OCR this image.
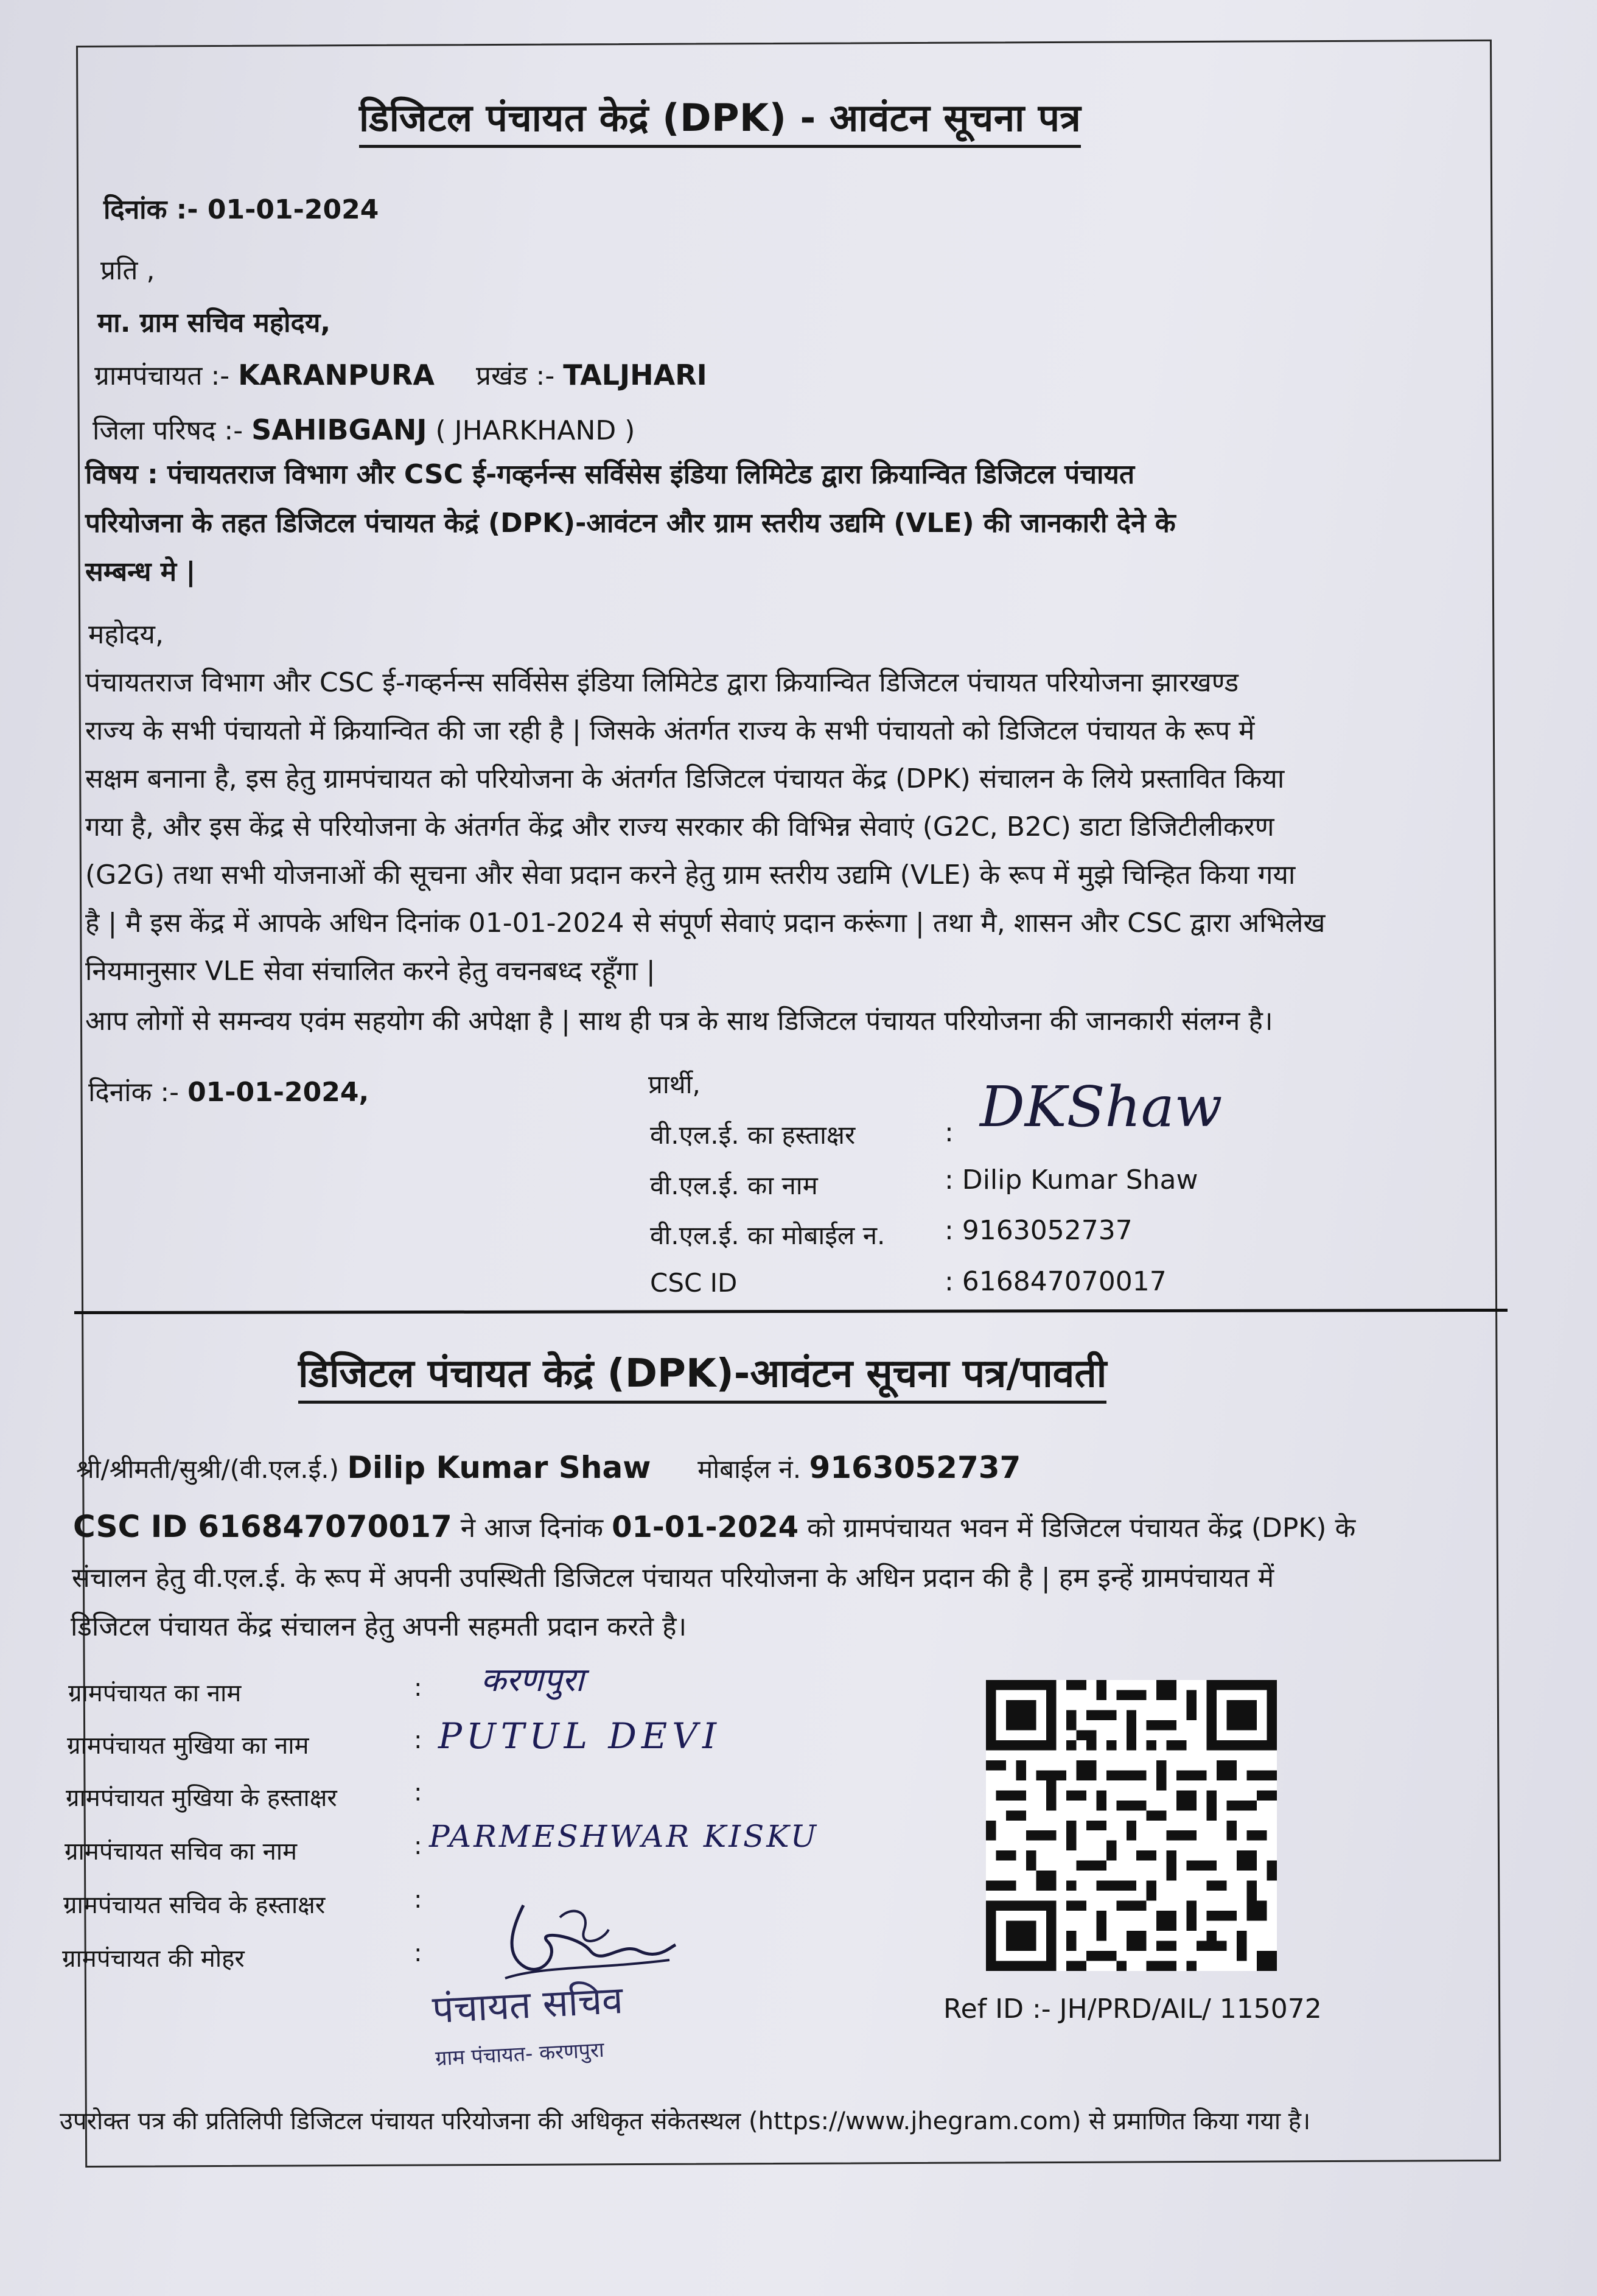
डिजिटल पंचायत केद्रं (DPK) - आवंटन सूचना पत्र
दिनांक :- 01-01-2024
प्रति ,
मा. ग्राम सचिव महोदय,
ग्रामपंचायत :- KARANPURA प्रखंड :- TALJHARI
जिला परिषद :- SAHIBGANJ ( JHARKHAND )

विषय : पंचायतराज विभाग और CSC ई-गव्हर्नन्स सर्विसेस इंडिया लिमिटेड द्वारा क्रियान्वित डिजिटल पंचायत

परियोजना के तहत डिजिटल पंचायत केद्रं (DPK)-आवंटन और ग्राम स्तरीय उद्यमि (VLE) की जानकारी देने के

सम्बन्ध मे |

महोदय,

पंचायतराज विभाग और CSC ई-गव्हर्नन्स सर्विसेस इंडिया लिमिटेड द्वारा क्रियान्वित डिजिटल पंचायत परियोजना झारखण्ड

राज्य के सभी पंचायतो में क्रियान्वित की जा रही है | जिसके अंतर्गत राज्य के सभी पंचायतो को डिजिटल पंचायत के रूप में

सक्षम बनाना है, इस हेतु ग्रामपंचायत को परियोजना के अंतर्गत डिजिटल पंचायत केंद्र (DPK) संचालन के लिये प्रस्तावित किया

गया है, और इस केंद्र से परियोजना के अंतर्गत केंद्र और राज्य सरकार की विभिन्न सेवाएं (G2C, B2C) डाटा डिजिटीलीकरण

(G2G) तथा सभी योजनाओं की सूचना और सेवा प्रदान करने हेतु ग्राम स्तरीय उद्यमि (VLE) के रूप में मुझे चिन्हित किया गया

है | मै इस केंद्र में आपके अधिन दिनांक 01-01-2024 से संपूर्ण सेवाएं प्रदान करूंगा | तथा मै, शासन और CSC द्वारा अभिलेख

नियमानुसार VLE सेवा संचालित करने हेतु वचनबध्द रहूँगा |

आप लोगों से समन्वय एवंम सहयोग की अपेक्षा है | साथ ही पत्र के साथ डिजिटल पंचायत परियोजना की जानकारी संलग्न है।
दिनांक :- 01-01-2024,	प्रार्थी,
वी.एल.ई. का हस्ताक्षर	: DKShaw
वी.एल.ई. का नाम	: Dilip Kumar Shaw
वी.एल.ई. का मोबाईल न. : 9163052737
CSC ID	: 616847070017
डिजिटल पंचायत केद्रं (DPK)-आवंटन सूचना पत्र/पावती
श्री/श्रीमती/सुश्री/(वी.एल.ई.) Dilip Kumar Shaw मोबाईल नं. 9163052737
CSC ID 616847070017 ने आज दिनांक 01-01-2024 को ग्रामपंचायत भवन में डिजिटल पंचायत केंद्र (DPK) के
संचालन हेतु वी.एल.ई. के रूप में अपनी उपस्थिती डिजिटल पंचायत परियोजना के अधिन प्रदान की है | हम इन्हें ग्रामपंचायत में
डिजिटल पंचायत केंद्र संचालन हेतु अपनी सहमती प्रदान करते है।
ग्रामपंचायत का नाम	: करणपुरा
ग्रामपंचायत मुखिया का नाम	: PUTUL DEVI
ग्रामपंचायत मुखिया के हस्ताक्षर	:
ग्रामपंचायत सचिव का नाम	: PARMESHWAR KISKU
ग्रामपंचायत सचिव के हस्ताक्षर	:
ग्रामपंचायत की मोहर	:
पंचायत सचिव
ग्राम पंचायत- करणपुरा
Ref ID :- JH/PRD/AIL/ 115072
उपरोक्त पत्र की प्रतिलिपी डिजिटल पंचायत परियोजना की अधिकृत संकेतस्थल (https://www.jhegram.com) से प्रमाणित किया गया है।
